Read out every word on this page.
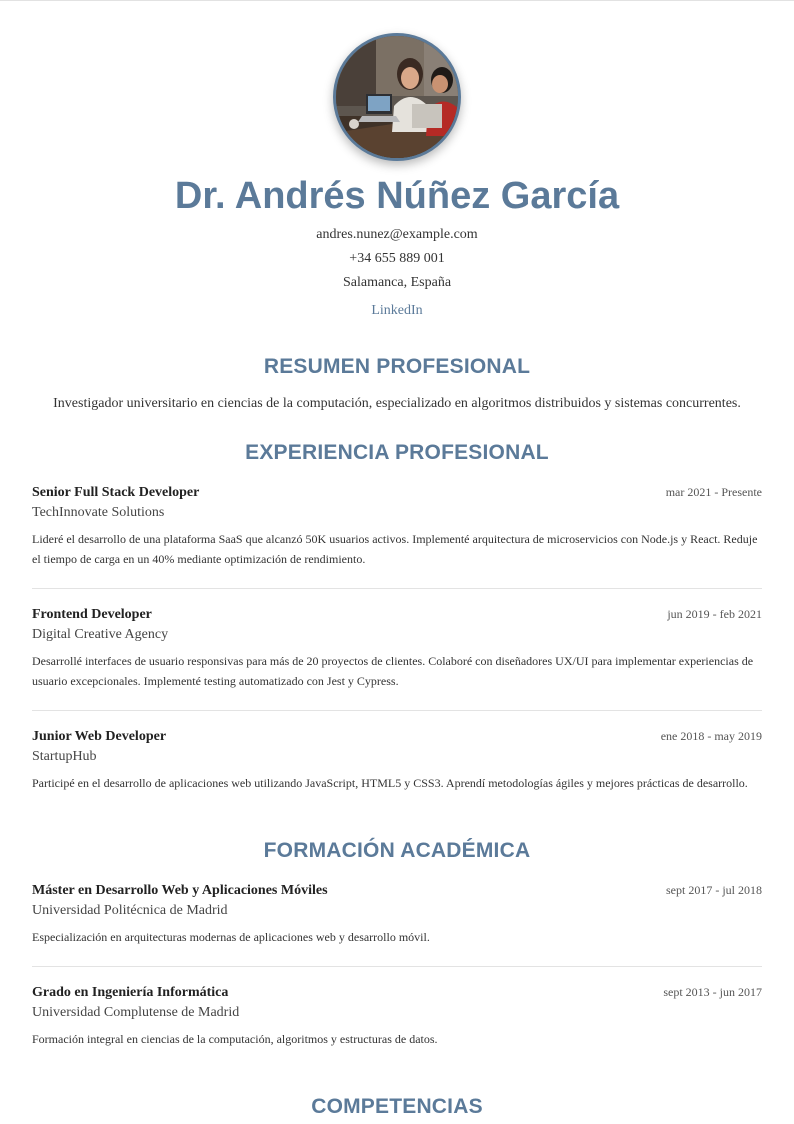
Dr. Andrés Núñez García
andres.nunez@example.com
+34 655 889 001
Salamanca, España
LinkedIn
RESUMEN PROFESIONAL
Investigador universitario en ciencias de la computación, especializado en algoritmos distribuidos y sistemas concurrentes.
EXPERIENCIA PROFESIONAL
Senior Full Stack Developer	mar 2021 - Presente
TechInnovate Solutions
Lideré el desarrollo de una plataforma SaaS que alcanzó 50K usuarios activos. Implementé arquitectura de microservicios con Node.js y React. Reduje el tiempo de carga en un 40% mediante optimización de rendimiento.
Frontend Developer	jun 2019 - feb 2021
Digital Creative Agency
Desarrollé interfaces de usuario responsivas para más de 20 proyectos de clientes. Colaboré con diseñadores UX/UI para implementar experiencias de usuario excepcionales. Implementé testing automatizado con Jest y Cypress.
Junior Web Developer	ene 2018 - may 2019
StartupHub
Participé en el desarrollo de aplicaciones web utilizando JavaScript, HTML5 y CSS3. Aprendí metodologías ágiles y mejores prácticas de desarrollo.
FORMACIÓN ACADÉMICA
Máster en Desarrollo Web y Aplicaciones Móviles	sept 2017 - jul 2018
Universidad Politécnica de Madrid
Especialización en arquitecturas modernas de aplicaciones web y desarrollo móvil.
Grado en Ingeniería Informática	sept 2013 - jun 2017
Universidad Complutense de Madrid
Formación integral en ciencias de la computación, algoritmos y estructuras de datos.
COMPETENCIAS
